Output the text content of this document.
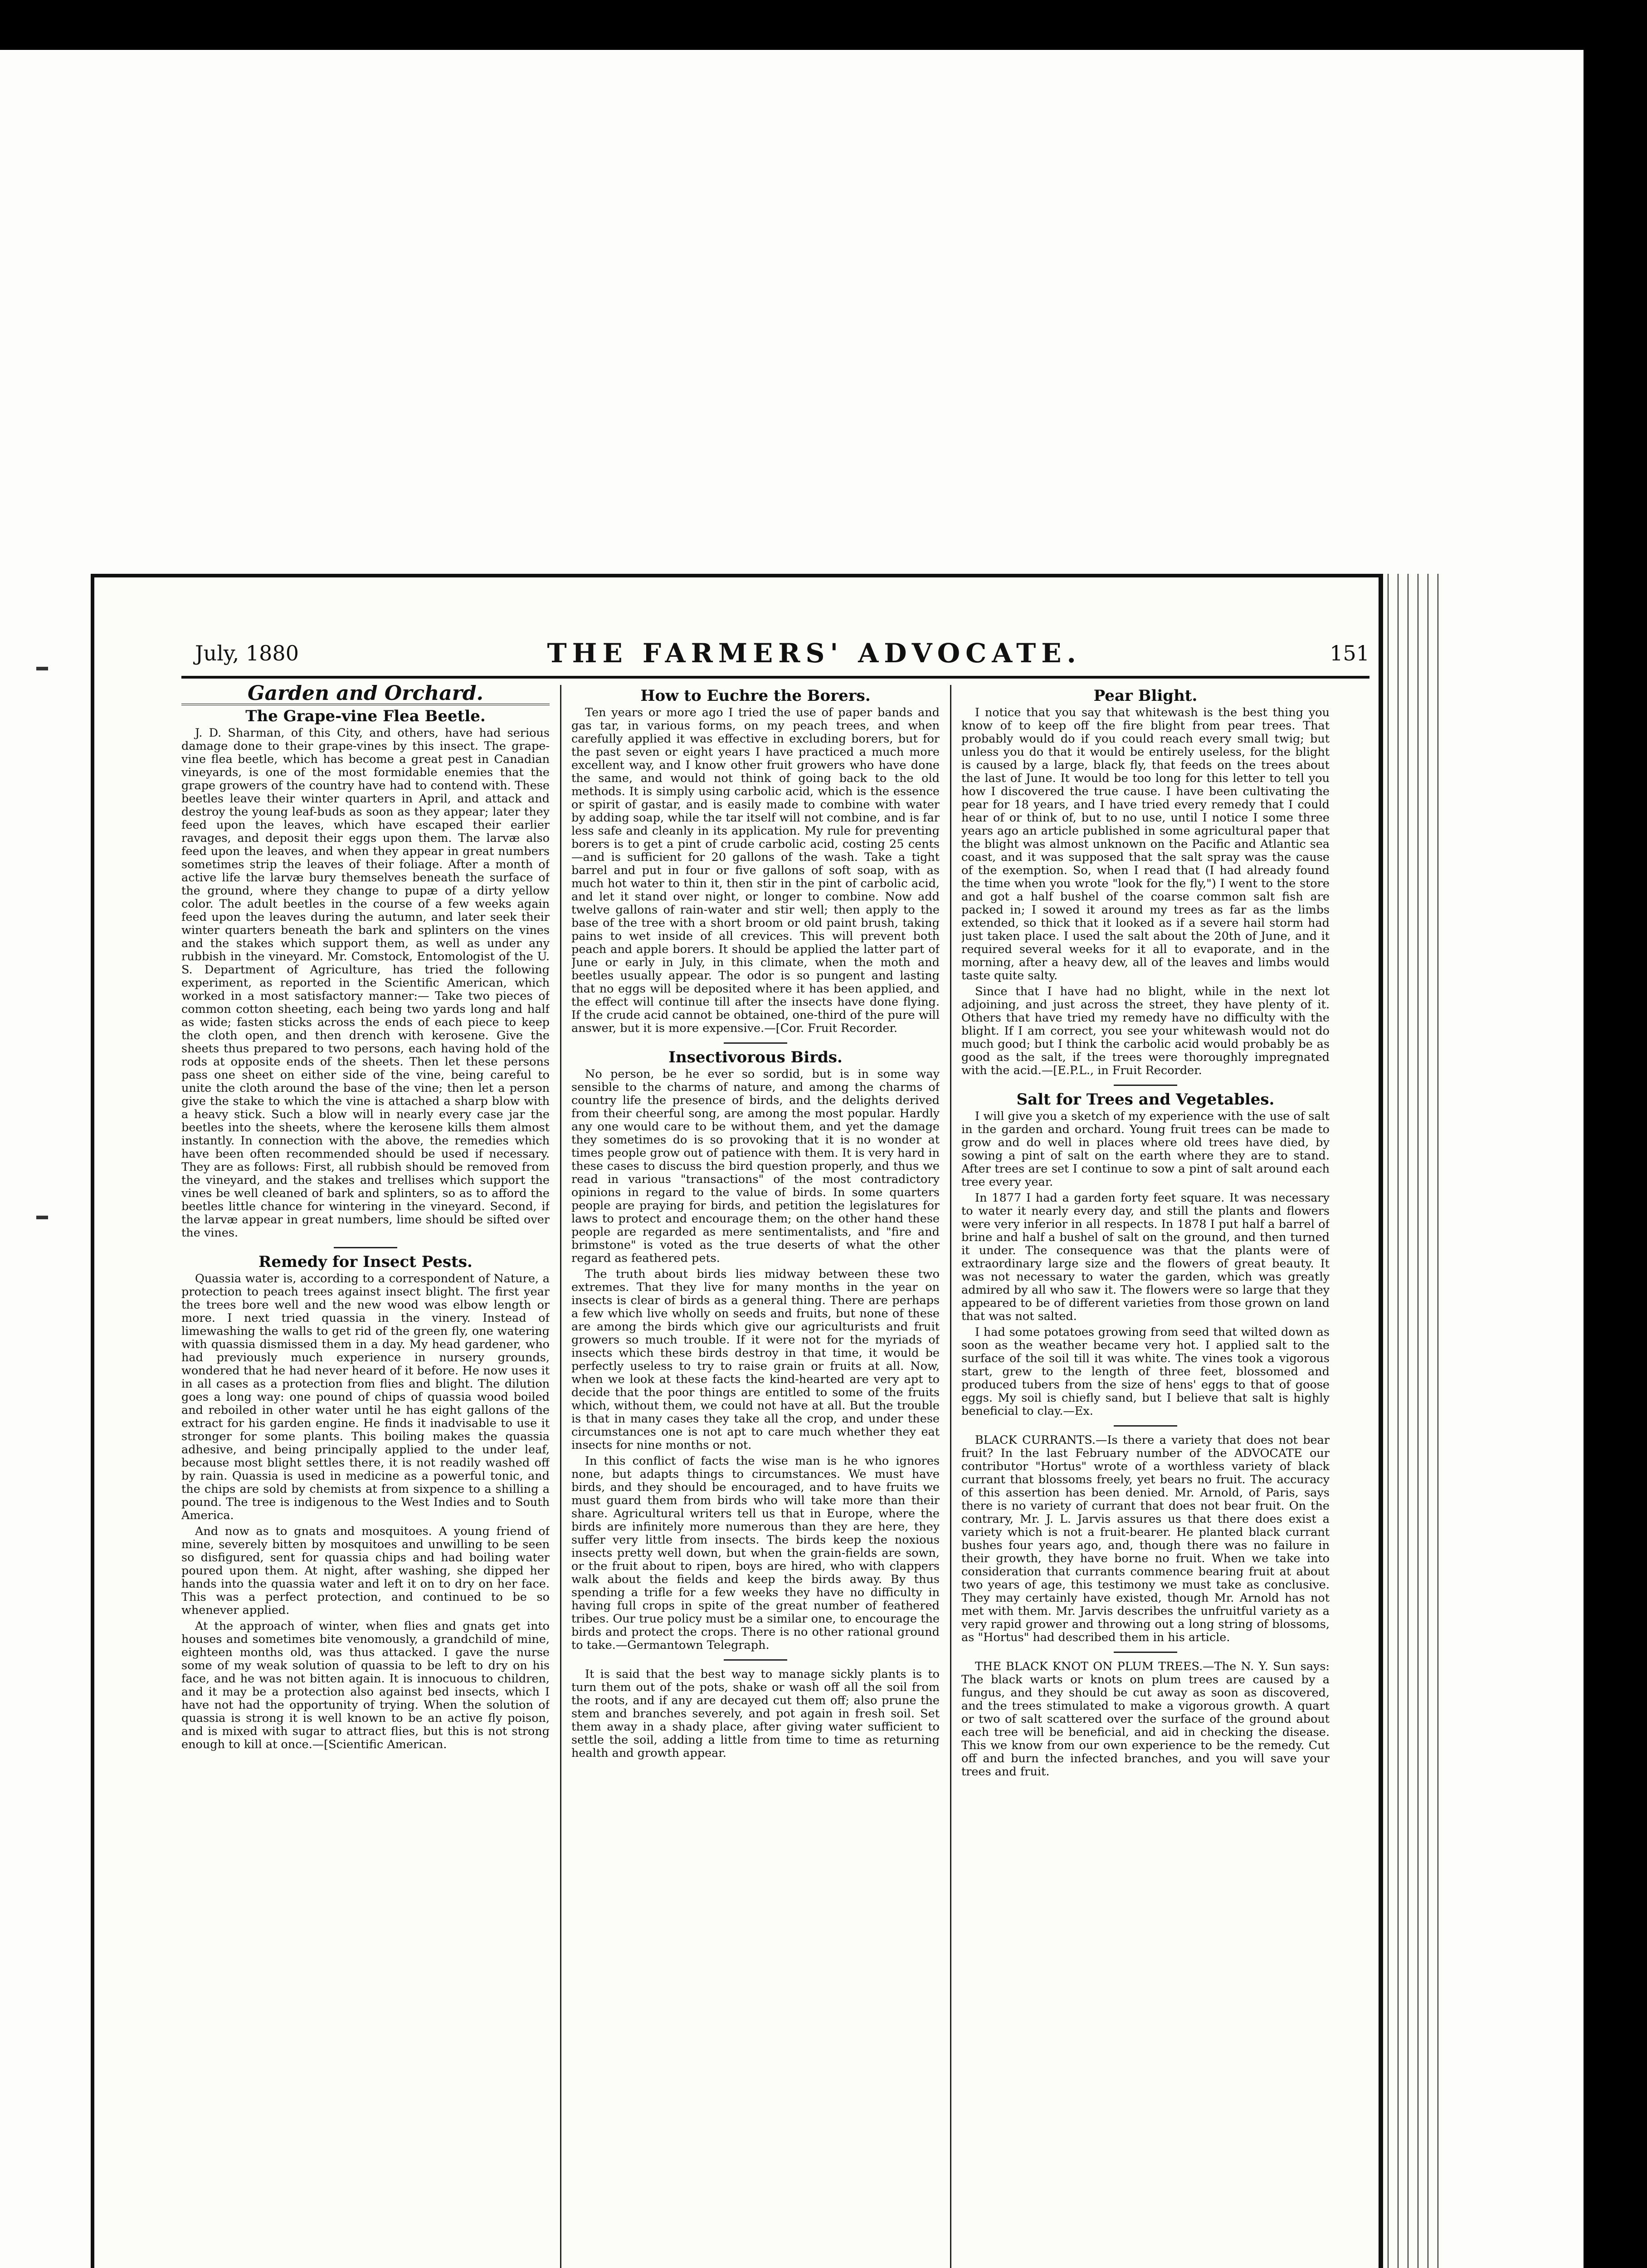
July, 1880	THE FARMERS' ADVOCATE.	151
Garden and Orchard.
The Grape-vine Flea Beetle.

J. D. Sharman, of this City, and others, have had serious damage done to their grape-vines by this insect. The grape-vine flea beetle, which has become a great pest in Canadian vineyards, is one of the most formidable enemies that the grape growers of the country have had to contend with. These beetles leave their winter quarters in April, and attack and destroy the young leaf-buds as soon as they appear; later they feed upon the leaves, which have escaped their earlier ravages, and deposit their eggs upon them. The larvæ also feed upon the leaves, and when they appear in great numbers sometimes strip the leaves of their foliage. After a month of active life the larvæ bury themselves beneath the surface of the ground, where they change to pupæ of a dirty yellow color. The adult beetles in the course of a few weeks again feed upon the leaves during the autumn, and later seek their winter quarters beneath the bark and splinters on the vines and the stakes which support them, as well as under any rubbish in the vineyard. Mr. Comstock, Entomologist of the U. S. Department of Agriculture, has tried the following experiment, as reported in the Scientific American, which worked in a most satisfactory manner:— Take two pieces of common cotton sheeting, each being two yards long and half as wide; fasten sticks across the ends of each piece to keep the cloth open, and then drench with kerosene. Give the sheets thus prepared to two persons, each having hold of the rods at opposite ends of the sheets. Then let these persons pass one sheet on either side of the vine, being careful to unite the cloth around the base of the vine; then let a person give the stake to which the vine is attached a sharp blow with a heavy stick. Such a blow will in nearly every case jar the beetles into the sheets, where the kerosene kills them almost instantly. In connection with the above, the remedies which have been often recommended should be used if necessary. They are as follows: First, all rubbish should be removed from the vineyard, and the stakes and trellises which support the vines be well cleaned of bark and splinters, so as to afford the beetles little chance for wintering in the vineyard. Second, if the larvæ appear in great numbers, lime should be sifted over the vines.

Remedy for Insect Pests.

Quassia water is, according to a correspondent of Nature, a protection to peach trees against insect blight. The first year the trees bore well and the new wood was elbow length or more. I next tried quassia in the vinery. Instead of limewashing the walls to get rid of the green fly, one watering with quassia dismissed them in a day. My head gardener, who had previously much experience in nursery grounds, wondered that he had never heard of it before. He now uses it in all cases as a protection from flies and blight. The dilution goes a long way: one pound of chips of quassia wood boiled and reboiled in other water until he has eight gallons of the extract for his garden engine. He finds it inadvisable to use it stronger for some plants. This boiling makes the quassia adhesive, and being principally applied to the under leaf, because most blight settles there, it is not readily washed off by rain. Quassia is used in medicine as a powerful tonic, and the chips are sold by chemists at from sixpence to a shilling a pound. The tree is indigenous to the West Indies and to South America.

And now as to gnats and mosquitoes. A young friend of mine, severely bitten by mosquitoes and unwilling to be seen so disfigured, sent for quassia chips and had boiling water poured upon them. At night, after washing, she dipped her hands into the quassia water and left it on to dry on her face. This was a perfect protection, and continued to be so whenever applied.

At the approach of winter, when flies and gnats get into houses and sometimes bite venomously, a grandchild of mine, eighteen months old, was thus attacked. I gave the nurse some of my weak solution of quassia to be left to dry on his face, and he was not bitten again. It is innocuous to children, and it may be a protection also against bed insects, which I have not had the opportunity of trying. When the solution of quassia is strong it is well known to be an active fly poison, and is mixed with sugar to attract flies, but this is not strong enough to kill at once.—[Scientific American.

How to Euchre the Borers.

Ten years or more ago I tried the use of paper bands and gas tar, in various forms, on my peach trees, and when carefully applied it was effective in excluding borers, but for the past seven or eight years I have practiced a much more excellent way, and I know other fruit growers who have done the same, and would not think of going back to the old methods. It is simply using carbolic acid, which is the essence or spirit of gastar, and is easily made to combine with water by adding soap, while the tar itself will not combine, and is far less safe and cleanly in its application. My rule for preventing borers is to get a pint of crude carbolic acid, costing 25 cents—and is sufficient for 20 gallons of the wash. Take a tight barrel and put in four or five gallons of soft soap, with as much hot water to thin it, then stir in the pint of carbolic acid, and let it stand over night, or longer to combine. Now add twelve gallons of rain-water and stir well; then apply to the base of the tree with a short broom or old paint brush, taking pains to wet inside of all crevices. This will prevent both peach and apple borers. It should be applied the latter part of June or early in July, in this climate, when the moth and beetles usually appear. The odor is so pungent and lasting that no eggs will be deposited where it has been applied, and the effect will continue till after the insects have done flying. If the crude acid cannot be obtained, one-third of the pure will answer, but it is more expensive.—[Cor. Fruit Recorder.

Insectivorous Birds.

No person, be he ever so sordid, but is in some way sensible to the charms of nature, and among the charms of country life the presence of birds, and the delights derived from their cheerful song, are among the most popular. Hardly any one would care to be without them, and yet the damage they sometimes do is so provoking that it is no wonder at times people grow out of patience with them. It is very hard in these cases to discuss the bird question properly, and thus we read in various "transactions" of the most contradictory opinions in regard to the value of birds. In some quarters people are praying for birds, and petition the legislatures for laws to protect and encourage them; on the other hand these people are regarded as mere sentimentalists, and "fire and brimstone" is voted as the true deserts of what the other regard as feathered pets.

The truth about birds lies midway between these two extremes. That they live for many months in the year on insects is clear of birds as a general thing. There are perhaps a few which live wholly on seeds and fruits, but none of these are among the birds which give our agriculturists and fruit growers so much trouble. If it were not for the myriads of insects which these birds destroy in that time, it would be perfectly useless to try to raise grain or fruits at all. Now, when we look at these facts the kind-hearted are very apt to decide that the poor things are entitled to some of the fruits which, without them, we could not have at all. But the trouble is that in many cases they take all the crop, and under these circumstances one is not apt to care much whether they eat insects for nine months or not.

In this conflict of facts the wise man is he who ignores none, but adapts things to circumstances. We must have birds, and they should be encouraged, and to have fruits we must guard them from birds who will take more than their share. Agricultural writers tell us that in Europe, where the birds are infinitely more numerous than they are here, they suffer very little from insects. The birds keep the noxious insects pretty well down, but when the grain-fields are sown, or the fruit about to ripen, boys are hired, who with clappers walk about the fields and keep the birds away. By thus spending a trifle for a few weeks they have no difficulty in having full crops in spite of the great number of feathered tribes. Our true policy must be a similar one, to encourage the birds and protect the crops. There is no other rational ground to take.—Germantown Telegraph.

It is said that the best way to manage sickly plants is to turn them out of the pots, shake or wash off all the soil from the roots, and if any are decayed cut them off; also prune the stem and branches severely, and pot again in fresh soil. Set them away in a shady place, after giving water sufficient to settle the soil, adding a little from time to time as returning health and growth appear.

Pear Blight.

I notice that you say that whitewash is the best thing you know of to keep off the fire blight from pear trees. That probably would do if you could reach every small twig; but unless you do that it would be entirely useless, for the blight is caused by a large, black fly, that feeds on the trees about the last of June. It would be too long for this letter to tell you how I discovered the true cause. I have been cultivating the pear for 18 years, and I have tried every remedy that I could hear of or think of, but to no use, until I notice I some three years ago an article published in some agricultural paper that the blight was almost unknown on the Pacific and Atlantic sea coast, and it was supposed that the salt spray was the cause of the exemption. So, when I read that (I had already found the time when you wrote "look for the fly,") I went to the store and got a half bushel of the coarse common salt fish are packed in; I sowed it around my trees as far as the limbs extended, so thick that it looked as if a severe hail storm had just taken place. I used the salt about the 20th of June, and it required several weeks for it all to evaporate, and in the morning, after a heavy dew, all of the leaves and limbs would taste quite salty.

Since that I have had no blight, while in the next lot adjoining, and just across the street, they have plenty of it. Others that have tried my remedy have no difficulty with the blight. If I am correct, you see your whitewash would not do much good; but I think the carbolic acid would probably be as good as the salt, if the trees were thoroughly impregnated with the acid.—[E.P.L., in Fruit Recorder.

Salt for Trees and Vegetables.

I will give you a sketch of my experience with the use of salt in the garden and orchard. Young fruit trees can be made to grow and do well in places where old trees have died, by sowing a pint of salt on the earth where they are to stand. After trees are set I continue to sow a pint of salt around each tree every year.

In 1877 I had a garden forty feet square. It was necessary to water it nearly every day, and still the plants and flowers were very inferior in all respects. In 1878 I put half a barrel of brine and half a bushel of salt on the ground, and then turned it under. The consequence was that the plants were of extraordinary large size and the flowers of great beauty. It was not necessary to water the garden, which was greatly admired by all who saw it. The flowers were so large that they appeared to be of different varieties from those grown on land that was not salted.

I had some potatoes growing from seed that wilted down as soon as the weather became very hot. I applied salt to the surface of the soil till it was white. The vines took a vigorous start, grew to the length of three feet, blossomed and produced tubers from the size of hens' eggs to that of goose eggs. My soil is chiefly sand, but I believe that salt is highly beneficial to clay.—Ex.

BLACK CURRANTS.—Is there a variety that does not bear fruit? In the last February number of the ADVOCATE our contributor "Hortus" wrote of a worthless variety of black currant that blossoms freely, yet bears no fruit. The accuracy of this assertion has been denied. Mr. Arnold, of Paris, says there is no variety of currant that does not bear fruit. On the contrary, Mr. J. L. Jarvis assures us that there does exist a variety which is not a fruit-bearer. He planted black currant bushes four years ago, and, though there was no failure in their growth, they have borne no fruit. When we take into consideration that currants commence bearing fruit at about two years of age, this testimony we must take as conclusive. They may certainly have existed, though Mr. Arnold has not met with them. Mr. Jarvis describes the unfruitful variety as a very rapid grower and throwing out a long string of blossoms, as "Hortus" had described them in his article.

THE BLACK KNOT ON PLUM TREES.—The N. Y. Sun says: The black warts or knots on plum trees are caused by a fungus, and they should be cut away as soon as discovered, and the trees stimulated to make a vigorous growth. A quart or two of salt scattered over the surface of the ground about each tree will be beneficial, and aid in checking the disease. This we know from our own experience to be the remedy. Cut off and burn the infected branches, and you will save your trees and fruit.
